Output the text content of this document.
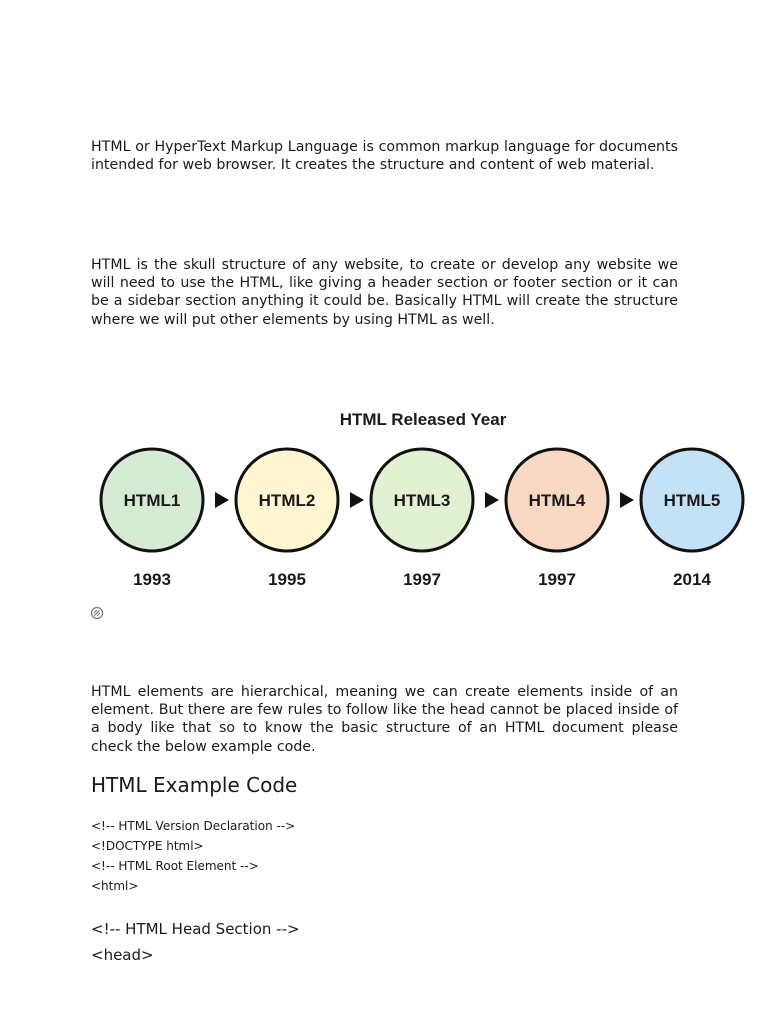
HTML or HyperText Markup Language is common markup language for documents intended for web browser. It creates the structure and content of web material.

HTML is the skull structure of any website, to create or develop any website we will need to use the HTML, like giving a header section or footer section or it can be a sidebar section anything it could be. Basically HTML will create the structure where we will put other elements by using HTML as well.

HTML Released Year
HTML1
1993
HTML2
1995
HTML3
1997
HTML4
1997
HTML5
2014

HTML elements are hierarchical, meaning we can create elements inside of an element. But there are few rules to follow like the head cannot be placed inside of a body like that so to know the basic structure of an HTML document please check the below example code.

HTML Example Code
<!-- HTML Version Declaration -->
<!DOCTYPE html>
<!-- HTML Root Element -->
<html>
<!-- HTML Head Section -->
<head>
